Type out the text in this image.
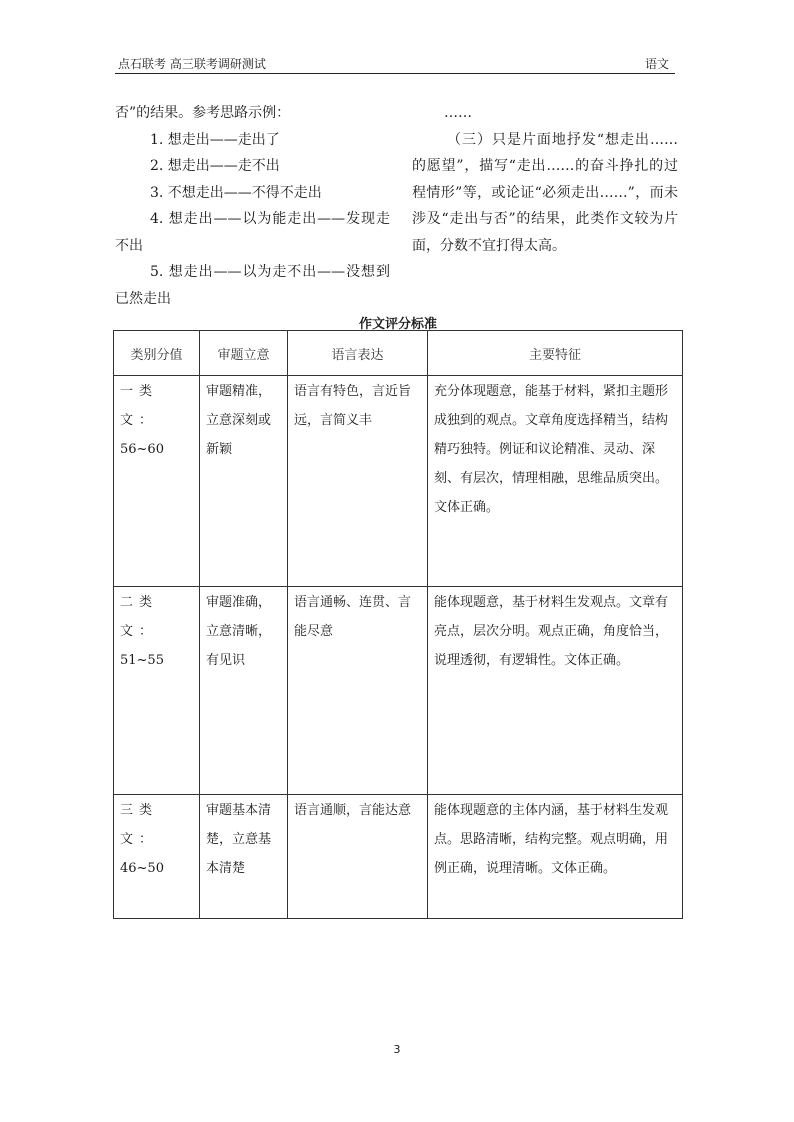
点石联考 高三联考调研测试	语文

否”的结果。参考思路示例：

1. 想走出——走出了

2. 想走出——走不出

3. 不想走出——不得不走出

4. 想走出——以为能走出——发现走不出

5. 想走出——以为走不出——没想到已然走出

……

（三）只是片面地抒发“想走出……的愿望”，描写“走出……的奋斗挣扎的过程情形”等，或论证“必须走出……”，而未涉及“走出与否”的结果，此类作文较为片面，分数不宜打得太高。

作文评分标准
类别分值	审题立意	语言表达	主要特征

一类文：
56~60	审题精准，立意深刻或新颖	语言有特色，言近旨远，言简义丰	充分体现题意，能基于材料，紧扣主题形成独到的观点。文章角度选择精当，结构精巧独特。例证和议论精准、灵动、深刻、有层次，情理相融，思维品质突出。文体正确。

二类文：
51~55	审题准确，立意清晰，有见识	语言通畅、连贯、言能尽意	能体现题意，基于材料生发观点。文章有亮点，层次分明。观点正确，角度恰当，说理透彻，有逻辑性。文体正确。

三类文：
46~50	审题基本清楚，立意基本清楚	语言通顺，言能达意	能体现题意的主体内涵，基于材料生发观点。思路清晰，结构完整。观点明确，用例正确，说理清晰。文体正确。
3
